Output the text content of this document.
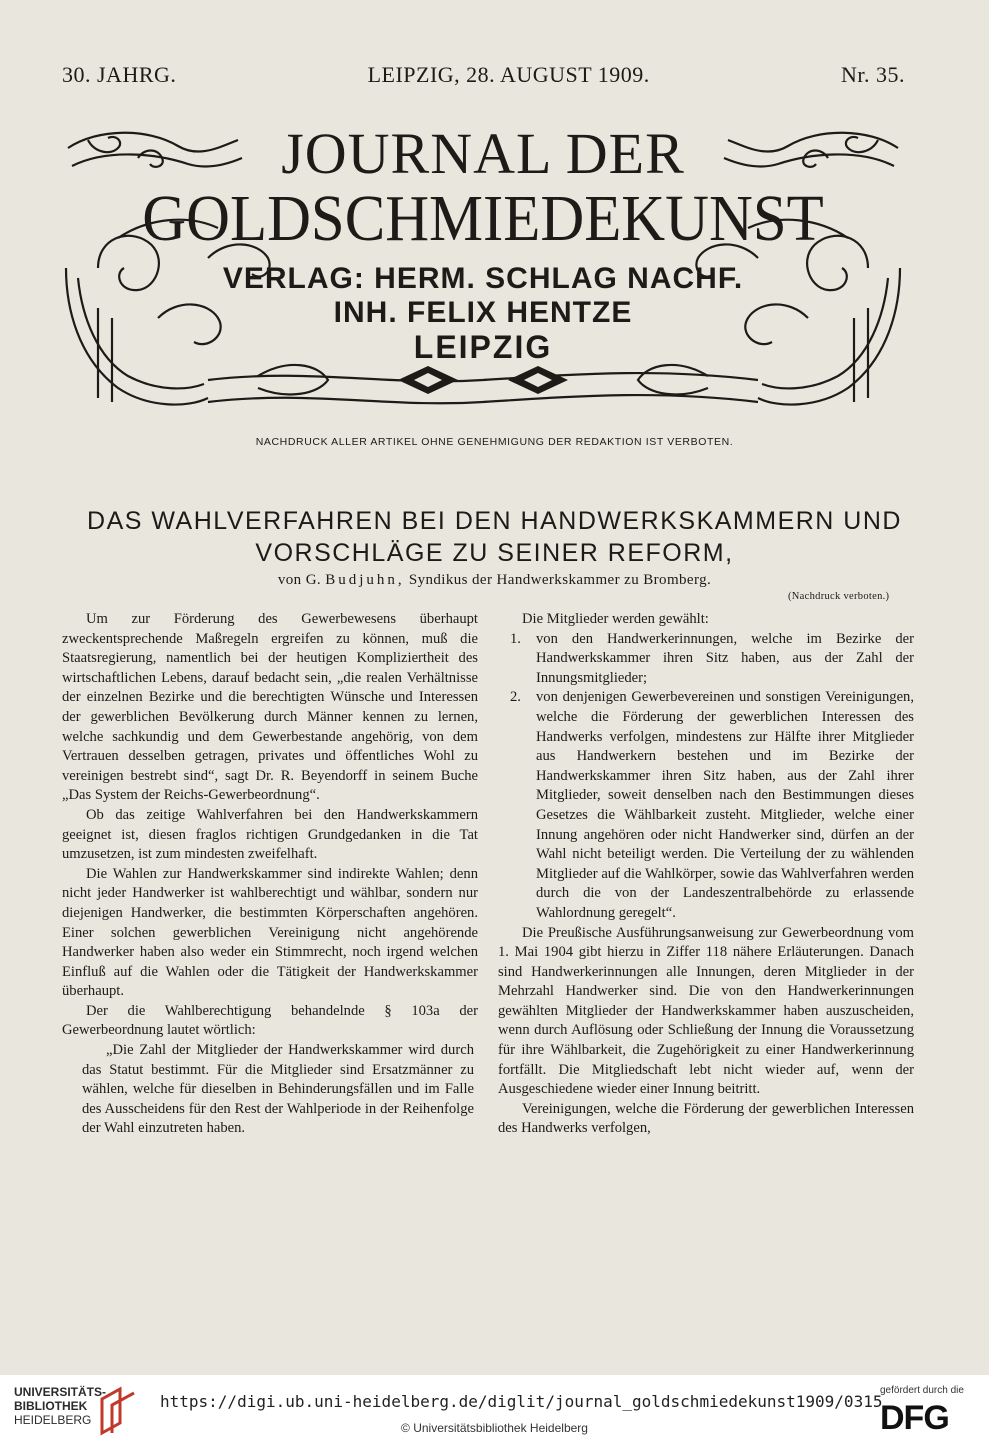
30. JAHRG.	LEIPZIG, 28. AUGUST 1909.	Nr. 35.
JOURNAL DER
GOLDSCHMIEDEKUNST
VERLAG: HERM. SCHLAG NACHF.
INH. FELIX HENTZE
LEIPZIG
NACHDRUCK ALLER ARTIKEL OHNE GENEHMIGUNG DER REDAKTION IST VERBOTEN.
DAS WAHLVERFAHREN BEI DEN HANDWERKSKAMMERN UND
VORSCHLÄGE ZU SEINER REFORM,
von G. Budjuhn, Syndikus der Handwerkskammer zu Bromberg.
(Nachdruck verboten.)

Um zur Förderung des Gewerbewesens überhaupt zweckentsprechende Maßregeln ergreifen zu können, muß die Staatsregierung, namentlich bei der heutigen Kompliziertheit des wirtschaftlichen Lebens, darauf bedacht sein, „die realen Verhältnisse der einzelnen Bezirke und die berechtigten Wünsche und Interessen der gewerblichen Bevölkerung durch Männer kennen zu lernen, welche sachkundig und dem Gewerbestande angehörig, von dem Vertrauen desselben getragen, privates und öffentliches Wohl zu vereinigen bestrebt sind“, sagt Dr. R. Beyendorff in seinem Buche „Das System der Reichs-Gewerbeordnung“.

Ob das zeitige Wahlverfahren bei den Handwerkskammern geeignet ist, diesen fraglos richtigen Grundgedanken in die Tat umzusetzen, ist zum mindesten zweifelhaft.

Die Wahlen zur Handwerkskammer sind indirekte Wahlen; denn nicht jeder Handwerker ist wahlberechtigt und wählbar, sondern nur diejenigen Handwerker, die bestimmten Körperschaften angehören. Einer solchen gewerblichen Vereinigung nicht angehörende Handwerker haben also weder ein Stimmrecht, noch irgend welchen Einfluß auf die Wahlen oder die Tätigkeit der Handwerkskammer überhaupt.

Der die Wahlberechtigung behandelnde § 103a der Gewerbeordnung lautet wörtlich:

„Die Zahl der Mitglieder der Handwerkskammer wird durch das Statut bestimmt. Für die Mitglieder sind Ersatzmänner zu wählen, welche für dieselben in Behinderungsfällen und im Falle des Ausscheidens für den Rest der Wahlperiode in der Reihenfolge der Wahl einzutreten haben.

Die Mitglieder werden gewählt:

1.	von den Handwerkerinnungen, welche im Bezirke der Handwerkskammer ihren Sitz haben, aus der Zahl der Innungsmitglieder;
2.	von denjenigen Gewerbevereinen und sonstigen Vereinigungen, welche die Förderung der gewerblichen Interessen des Handwerks verfolgen, mindestens zur Hälfte ihrer Mitglieder aus Handwerkern bestehen und im Bezirke der Handwerkskammer ihren Sitz haben, aus der Zahl ihrer Mitglieder, soweit denselben nach den Bestimmungen dieses Gesetzes die Wählbarkeit zusteht. Mitglieder, welche einer Innung angehören oder nicht Handwerker sind, dürfen an der Wahl nicht beteiligt werden. Die Verteilung der zu wählenden Mitglieder auf die Wahlkörper, sowie das Wahlverfahren werden durch die von der Landeszentralbehörde zu erlassende Wahlordnung geregelt“.

Die Preußische Ausführungsanweisung zur Gewerbeordnung vom 1. Mai 1904 gibt hierzu in Ziffer 118 nähere Erläuterungen. Danach sind Handwerkerinnungen alle Innungen, deren Mitglieder in der Mehrzahl Handwerker sind. Die von den Handwerkerinnungen gewählten Mitglieder der Handwerkskammer haben auszuscheiden, wenn durch Auflösung oder Schließung der Innung die Voraussetzung für ihre Wählbarkeit, die Zugehörigkeit zu einer Handwerkerinnung fortfällt. Die Mitgliedschaft lebt nicht wieder auf, wenn der Ausgeschiedene wieder einer Innung beitritt.

Vereinigungen, welche die Förderung der gewerblichen Interessen des Handwerks verfolgen,

UNIVERSITÄTS-
BIBLIOTHEK
HEIDELBERG
https://digi.ub.uni-heidelberg.de/diglit/journal_goldschmiedekunst1909/0315
© Universitätsbibliothek Heidelberg
gefördert durch die
DFG
